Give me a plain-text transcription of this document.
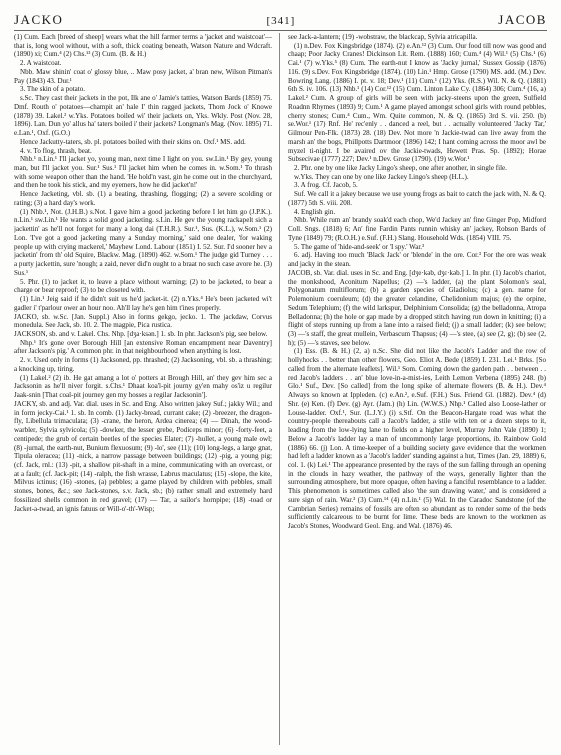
JACKO	[341]	JACOB

(1) Cum. Each [breed of sheep] wears what the hill farmer terms a 'jacket and waistcoat'—that is, long wool without, with a soft, thick coating beneath, Watson Nature and Wdcraft. (1890) xi; Cum.⁴ (2) Chs.¹³ (3) Cum. (B. & H.)

2. A waistcoat.

Nbb. Maw shinin' coat o' glossy blue, .. Maw posy jacket, a' bran new, Wilson Pitman's Pay (1843) 43. Dur.¹

3. The skin of a potato.

s.Sc. They cast their jackets in the pot, Ilk ane o' Jamie's tatties, Watson Bards (1859) 75. Dmf. Routh o' potatoes—champit an' hale I' thin ragged jackets, Thom Jock o' Knowe (1878) 39. Lakel.² w.Yks. Potatoes boiled wi' their jackets on, Yks. Wkly. Post (Nov. 28, 1896). Lan. Dun yo' allus ha' taters boiled i' their jackets? Longman's Mag. (Nov. 1895) 71. e.Lan.¹, Oxf. (G.O.)

Hence Jackutty-taters, sb. pl. potatoes boiled with their skins on. Oxf.¹ MS. add.

4. v. To flog, thrash, beat.

Nhb.¹ n.Lin.¹ I'll jacket yo, young man, next time I light on you. sw.Lin.¹ By gey, young man, but I'll jacket you. Sur.¹ Sus.¹ I'll jacket him when he comes in. w.Som.¹ To thrash with some weapon other than the hand. 'He hold'n vast, gin he come out in the churchyard, and then he took his stick, and my eyemers, how he did jacket'n!'

Hence Jacketing, vbl. sb. (1) a beating, thrashing, flogging; (2) a severe scolding or rating; (3) a hard day's work.

(1) Nhb.¹, Not. (J.H.B.) s.Not. I gave him a good jacketing before I let him go (J.P.K.). n.Lin.¹ sw.Lin.¹ He wants a solid good jacketing. s.Lin. He gev the young rackapelt sich a jackettin' as he'll not forget for many a long dai (T.H.R.). Sur.¹, Sus. (K.L.), w.Som.¹ (2) Lon. 'I've got a good jacketing many a Sunday morning,' said one dealer, 'for waking people up with crying mackerel,' Mayhew Lond. Labour (1851) I. 52. Sur. I'd sooner hev a jacketin' from th' old Squire, Blackw. Mag. (1890) 462. w.Som.¹ The judge gid Turney . . . a purty jackettin, sure 'nough; a zaid, never did'n ought to a braat no such case avore he. (3) Sus.¹

5. Phr. (1) to jacket it, to leave a place without warning; (2) to be jacketed, to bear a charge or bear reproof; (3) to be closeted with.

(1) Lin.¹ Jeig said if he didn't suit us he'd jacket-it. (2) n.Yks.⁴ He's been jacketed wi't gadler i' t'parlour ower an hour noo. Ah'll lay he's gen him t'ines properly.

JACKO, sb. w.Sc. [Jan. Suppl.) Also in forms gekgo, jecko. 1. The jackdaw, Corvus monedula. See Jack, sb. 10. 2. The magpie, Pica rustica.

JACKSON, sb. and v. Lakel. Chs. Nhp. [dʒa·ksən.] 1. sb. In phr. Jackson's pig, see below.

Nhp.¹ It's gone over Borough Hill [an extensive Roman encampment near Daventry] after Jackson's pig.' A common phr. in that neighbourhood when anything is lost.

2. v. Used only in forms (1) Jacksoned, pp. thrashed; (2) Jacksoning, vbl. sb. a thrashing; a knocking up, tiring.

(1) Lakel.² (2) ib. He gat amang a lot o' potters at Brough Hill, an' they gev him sec a Jacksonin as he'll niver forgit. s.Chs.¹ Dhaat koa'l-pit journy gy'en mahy os'iz u regilur Jaak-snin [That coal-pit journey gen my hosses a regilar Jacksonin'].

JACKY, sb. and adj. Var. dial. uses in Sc. and Eng. Also written jakey Suf.; jakky Wil.; and in form jecky-Cai.¹ 1. sb. In comb. (1) Jacky-bread, currant cake; (2) -breezer, the dragon-fly, Libellula trimaculata; (3) -crane, the heron, Ardea cinerea; (4) — Dinah, the wood-warbler, Sylvia sylvicola; (5) -dowker, the lesser grebe, Podiceps minor; (6) -forty-feet, a centipede; the grub of certain beetles of the species Elater; (7) -hullet, a young male owl; (8) -jurnal, the earth-nut, Bunium flexuosum; (9) -lo', see (11); (10) long-legs, a large gnat, Tipula oleracea; (11) -nick, a narrow passage between buildings; (12) -pig, a young pig; (cf. Jack, rnl.: (13) -pit, a shallow pit-shaft in a mine, communicating with an overcast, or at a fault; (cf. Jack-pit; (14) -ralph, the fish wrasse, Labrus maculatus; (15) -slope, the kite, Milvus ictinus; (16) -stones, (a) pebbles; a game played by children with pebbles, small stones, bones, &c.; see Jack-stones, s.v. Jack, sb.; (b) rather small and extremely hard fossilized shells common in red gravel; (17) — Tar, a sailor's hornpipe; (18) -toad or Jacket-a-twad, an ignis fatuus or Will-o'-th'-Wisp;

see Jack-a-lantern; (19) -wobstraw, the blackcap, Sylvia atricapilla.

(1) n.Dev. Fox Kingsbridge (1874). (2) e.An.¹² (3) Cum. Our food till now was good and chaap; Poor Jacky Cranes! Dickinson Lit. Rem. (1888) 160; Cum.⁴ (4) Wil.¹ (5) Chs.¹ (6) Cai.¹ (7) w.Yks.⁵ (8) Cum. The earth-nut I know as 'Jacky jurnal,' Sussex Gossip (1876) 116. (9) s.Dev. Fox Kingsbridge (1874). (10) Lin.¹ Hmp. Grose (1790) MS. add. (M.) Dev. Bowring Lang. (1886) I. pt. v. 18; Dev.¹ (11) Cum.¹ (12) Yks. (R.S.) Wil. N. & Q. (1881) 6th S. iv. 106. (13) Nhb.¹ (14) Cor.¹² (15) Cum. Linton Lake Cy. (1864) 306; Cum.⁴ (16, a) Lakel.² Cum. A group of girls will be seen with jacky-steens upon the green, Sulfield Roadnn Rhymes (1893) 9; Cum.¹ A game played amongst school girls with round pebbles, cherry stones; Cum.⁴ Cum., Wm. Quite common, N. & Q. (1865) 3rd S. vii. 250. (b) se.Wor.¹ (17) Rnf. He' rec'enly . . danced a reel, but . . actually volunteered 'Jacky Tar,' Gilmour Pen-Flk. (1873) 28. (18) Dev. Not more 'n Jackie-twad can live away from the marsh an' the bogs, Phillpotts Dartmoor (1896) 142; I hant coming across the moor awl be myzel ti-night. I be avaired ov the Jackie-twads, Hewett Pras. Sp. (1892); Horae Subsecivae (1777) 227; Dev.¹ n.Dev. Grose (1790). (19) w.Wor.¹

2. Phr. one by one like Jacky Lingo's sheep, one after another, in single file.

w.Yks. They can one by one like Jackey Lingo's sheep (H.L.).

3. A frog. Cf. Jacob, 5.

Suf. We call it a jakey because we use young frogs as bait to catch the jack with, N. & Q. (1877) 5th S. viii. 208.

4. English gin.

Nhb. While rum an' brandy soak'd each chop, We'd Jackey an' fine Ginger Pop, Midford Coll. Sngs. (1818) 6; An' fine Fardin Pants runnin whisky an' jackey, Robson Bards of Tyne (1849) 79; (R.O.H.) e.Suf. (F.H.) Slang. Household Wds. (1854) VIII. 75.

5. The game of 'hide-and-seek' or 'I spy.' War.³

6. adj. Having too much 'Black Jack' or 'blende' in the ore. Cor.³ For the ore was weak and jacky in the stean.

JACOB, sb. Var. dial. uses in Sc. and Eng. [dʒe·kəb, dʒɛ·kəb.] 1. In phr. (1) Jacob's chariot, the monkshood, Aconitum Napellus; (2) —'s ladder, (a) the plant Solomon's seal, Polygonatum multiflorum; (b) a garden species of Gladiolus; (c) a gen. name for Polemonium coeruleum; (d) the greater celandine, Chelidonium majus; (e) the orpine, Sedum Telephium; (f) the wild larkspur, Delphinium Consolida; (g) the belladonna, Atropa Belladonna; (h) the hole or gap made by a dropped stitch having run down in knitting; (i) a flight of steps running up from a lane into a raised field; (j) a small ladder; (k) see below; (3) —'s staff, the great mullein, Verbascum Thapsus; (4) —'s stee, (a) see (2, g); (b) see (2, h); (5) —'s staves, see below.

(1) Ess. (B. & H.) (2, a) n.Sc. She did not like the Jacob's Ladder and the row of hollyhocks . . better than other flowers, Geo. Eliot A. Bede (1859) I. 231. Lei.¹ Brks. [So called from the alternate leaflets]. Wil.¹ Som. Coming down the garden path . . between . . red Jacob's ladders . . an' blue love-in-a-mist-ies, Leith Lemon Verbena (1895) 248. (b) Glo.¹ Suf., Dev. [So called] from the long spike of alternate flowers (B. & H.). Dev.⁴ Always so known at Ippleden. (c) e.An.², e.Suf. (F.H.) Sus. Friend Gl. (1882). Dev.⁴ (d) Shr. (e) Ken. (f) Dev. (g) Ayr. (Jam.) (h) Lin. (W.W.S.) Nhp.¹ Called also Loose-lather or Louse-ladder. Oxf.¹, Sur. (L.J.Y.) (i) s.Stf. On the Beacon-Hargate road was what the country-people thereabouts call a Jacob's ladder, a stile with ten or a dozen steps to it, leading from the low-lying lane to fields on a higher level, Murray John Vale (1890) 1; Below a Jacob's ladder lay a man of uncommonly large proportions, ib. Rainbow Gold (1886) 66. (j) Lon. A time-keeper of a building society gave evidence that the workmen had left a ladder known as a 'Jacob's ladder' standing against a hut, Times (Jan. 29, 1889) 6, col. 1. (k) Lei.¹ The appearance presented by the rays of the sun falling through an opening in the clouds in hazy weather, the pathway of the ways, generally lighter than the surrounding atmosphere, but more opaque, often having a fanciful resemblance to a ladder. This phenomenon is sometimes called also 'the sun drawing water,' and is considered a sure sign of rain. War.³ (3) Cum.¹⁴ (4) n.Lin.¹ (5) Wal. In the Caradoc Sandstone (of the Cambrian Series) remains of fossils are often so abundant as to render some of the beds sufficiently calcareous to be burnt for lime. These beds are known to the workmen as Jacob's Stones, Woodward Geol. Eng. and Wal. (1876) 46.
